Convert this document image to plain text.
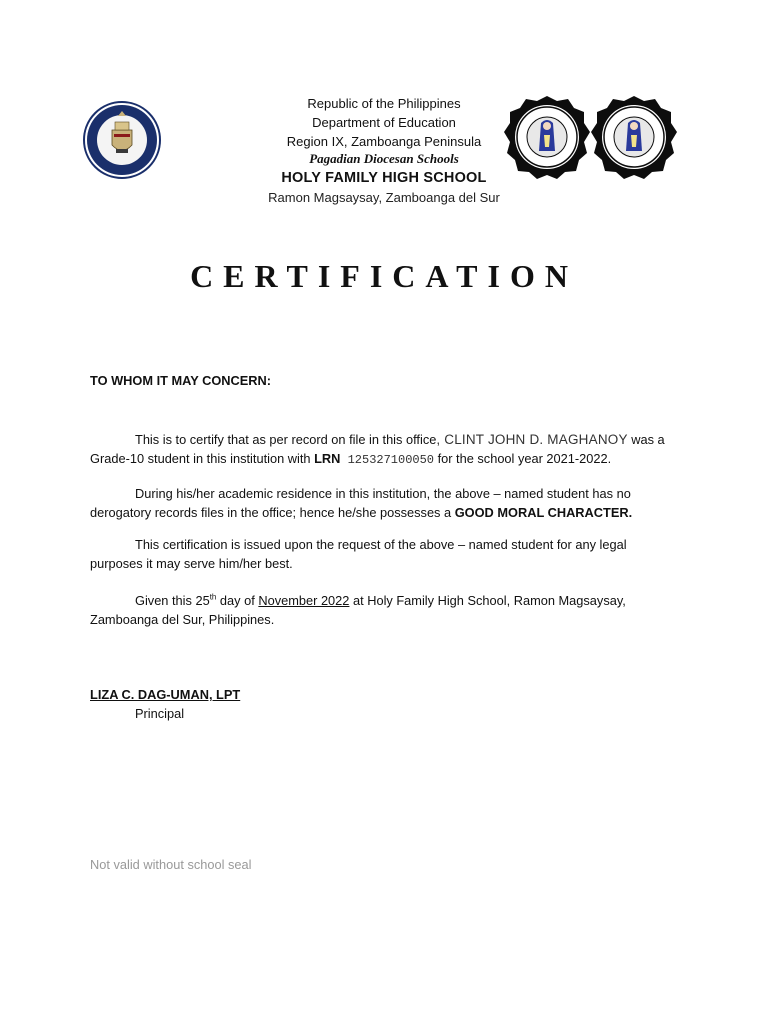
Republic of the Philippines
Department of Education
Region IX, Zamboanga Peninsula
Pagadian Diocesan Schools
HOLY FAMILY HIGH SCHOOL
Ramon Magsaysay, Zamboanga del Sur
CERTIFICATION
TO WHOM IT MAY CONCERN:
This is to certify that as per record on file in this office, CLINT JOHN D. MAGHANOY was a Grade-10 student in this institution with LRN 125327100050 for the school year 2021-2022.
During his/her academic residence in this institution, the above – named student has no derogatory records files in the office; hence he/she possesses a GOOD MORAL CHARACTER.
This certification is issued upon the request of the above – named student for any legal purposes it may serve him/her best.
Given this 25th day of November 2022 at Holy Family High School, Ramon Magsaysay, Zamboanga del Sur, Philippines.
LIZA C. DAG-UMAN, LPT
Principal
Not valid without school seal
